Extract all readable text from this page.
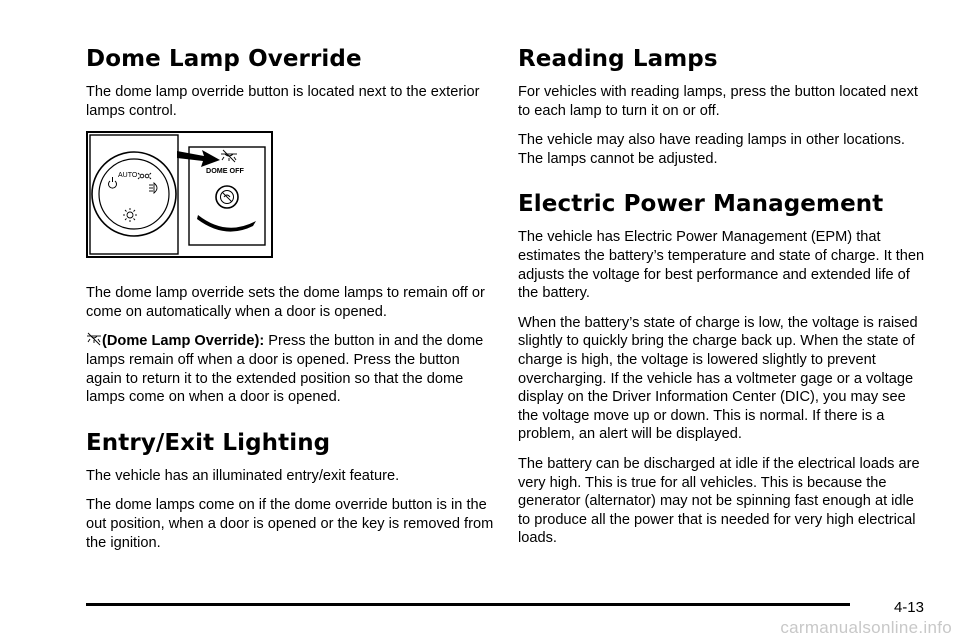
Dome Lamp Override

The dome lamp override button is located next to the exterior lamps control.

AUTO
DOME OFF

The dome lamp override sets the dome lamps to remain off or come on automatically when a door is opened.

(Dome Lamp Override): Press the button in and the dome lamps remain off when a door is opened. Press the button again to return it to the extended position so that the dome lamps come on when a door is opened.

Entry/Exit Lighting

The vehicle has an illuminated entry/exit feature.

The dome lamps come on if the dome override button is in the out position, when a door is opened or the key is removed from the ignition.

Reading Lamps

For vehicles with reading lamps, press the button located next to each lamp to turn it on or off.

The vehicle may also have reading lamps in other locations. The lamps cannot be adjusted.

Electric Power Management

The vehicle has Electric Power Management (EPM) that estimates the battery’s temperature and state of charge. It then adjusts the voltage for best performance and extended life of the battery.

When the battery’s state of charge is low, the voltage is raised slightly to quickly bring the charge back up. When the state of charge is high, the voltage is lowered slightly to prevent overcharging. If the vehicle has a voltmeter gage or a voltage display on the Driver Information Center (DIC), you may see the voltage move up or down. This is normal. If there is a problem, an alert will be displayed.

The battery can be discharged at idle if the electrical loads are very high. This is true for all vehicles. This is because the generator (alternator) may not be spinning fast enough at idle to produce all the power that is needed for very high electrical loads.

4-13
carmanualsonline.info
